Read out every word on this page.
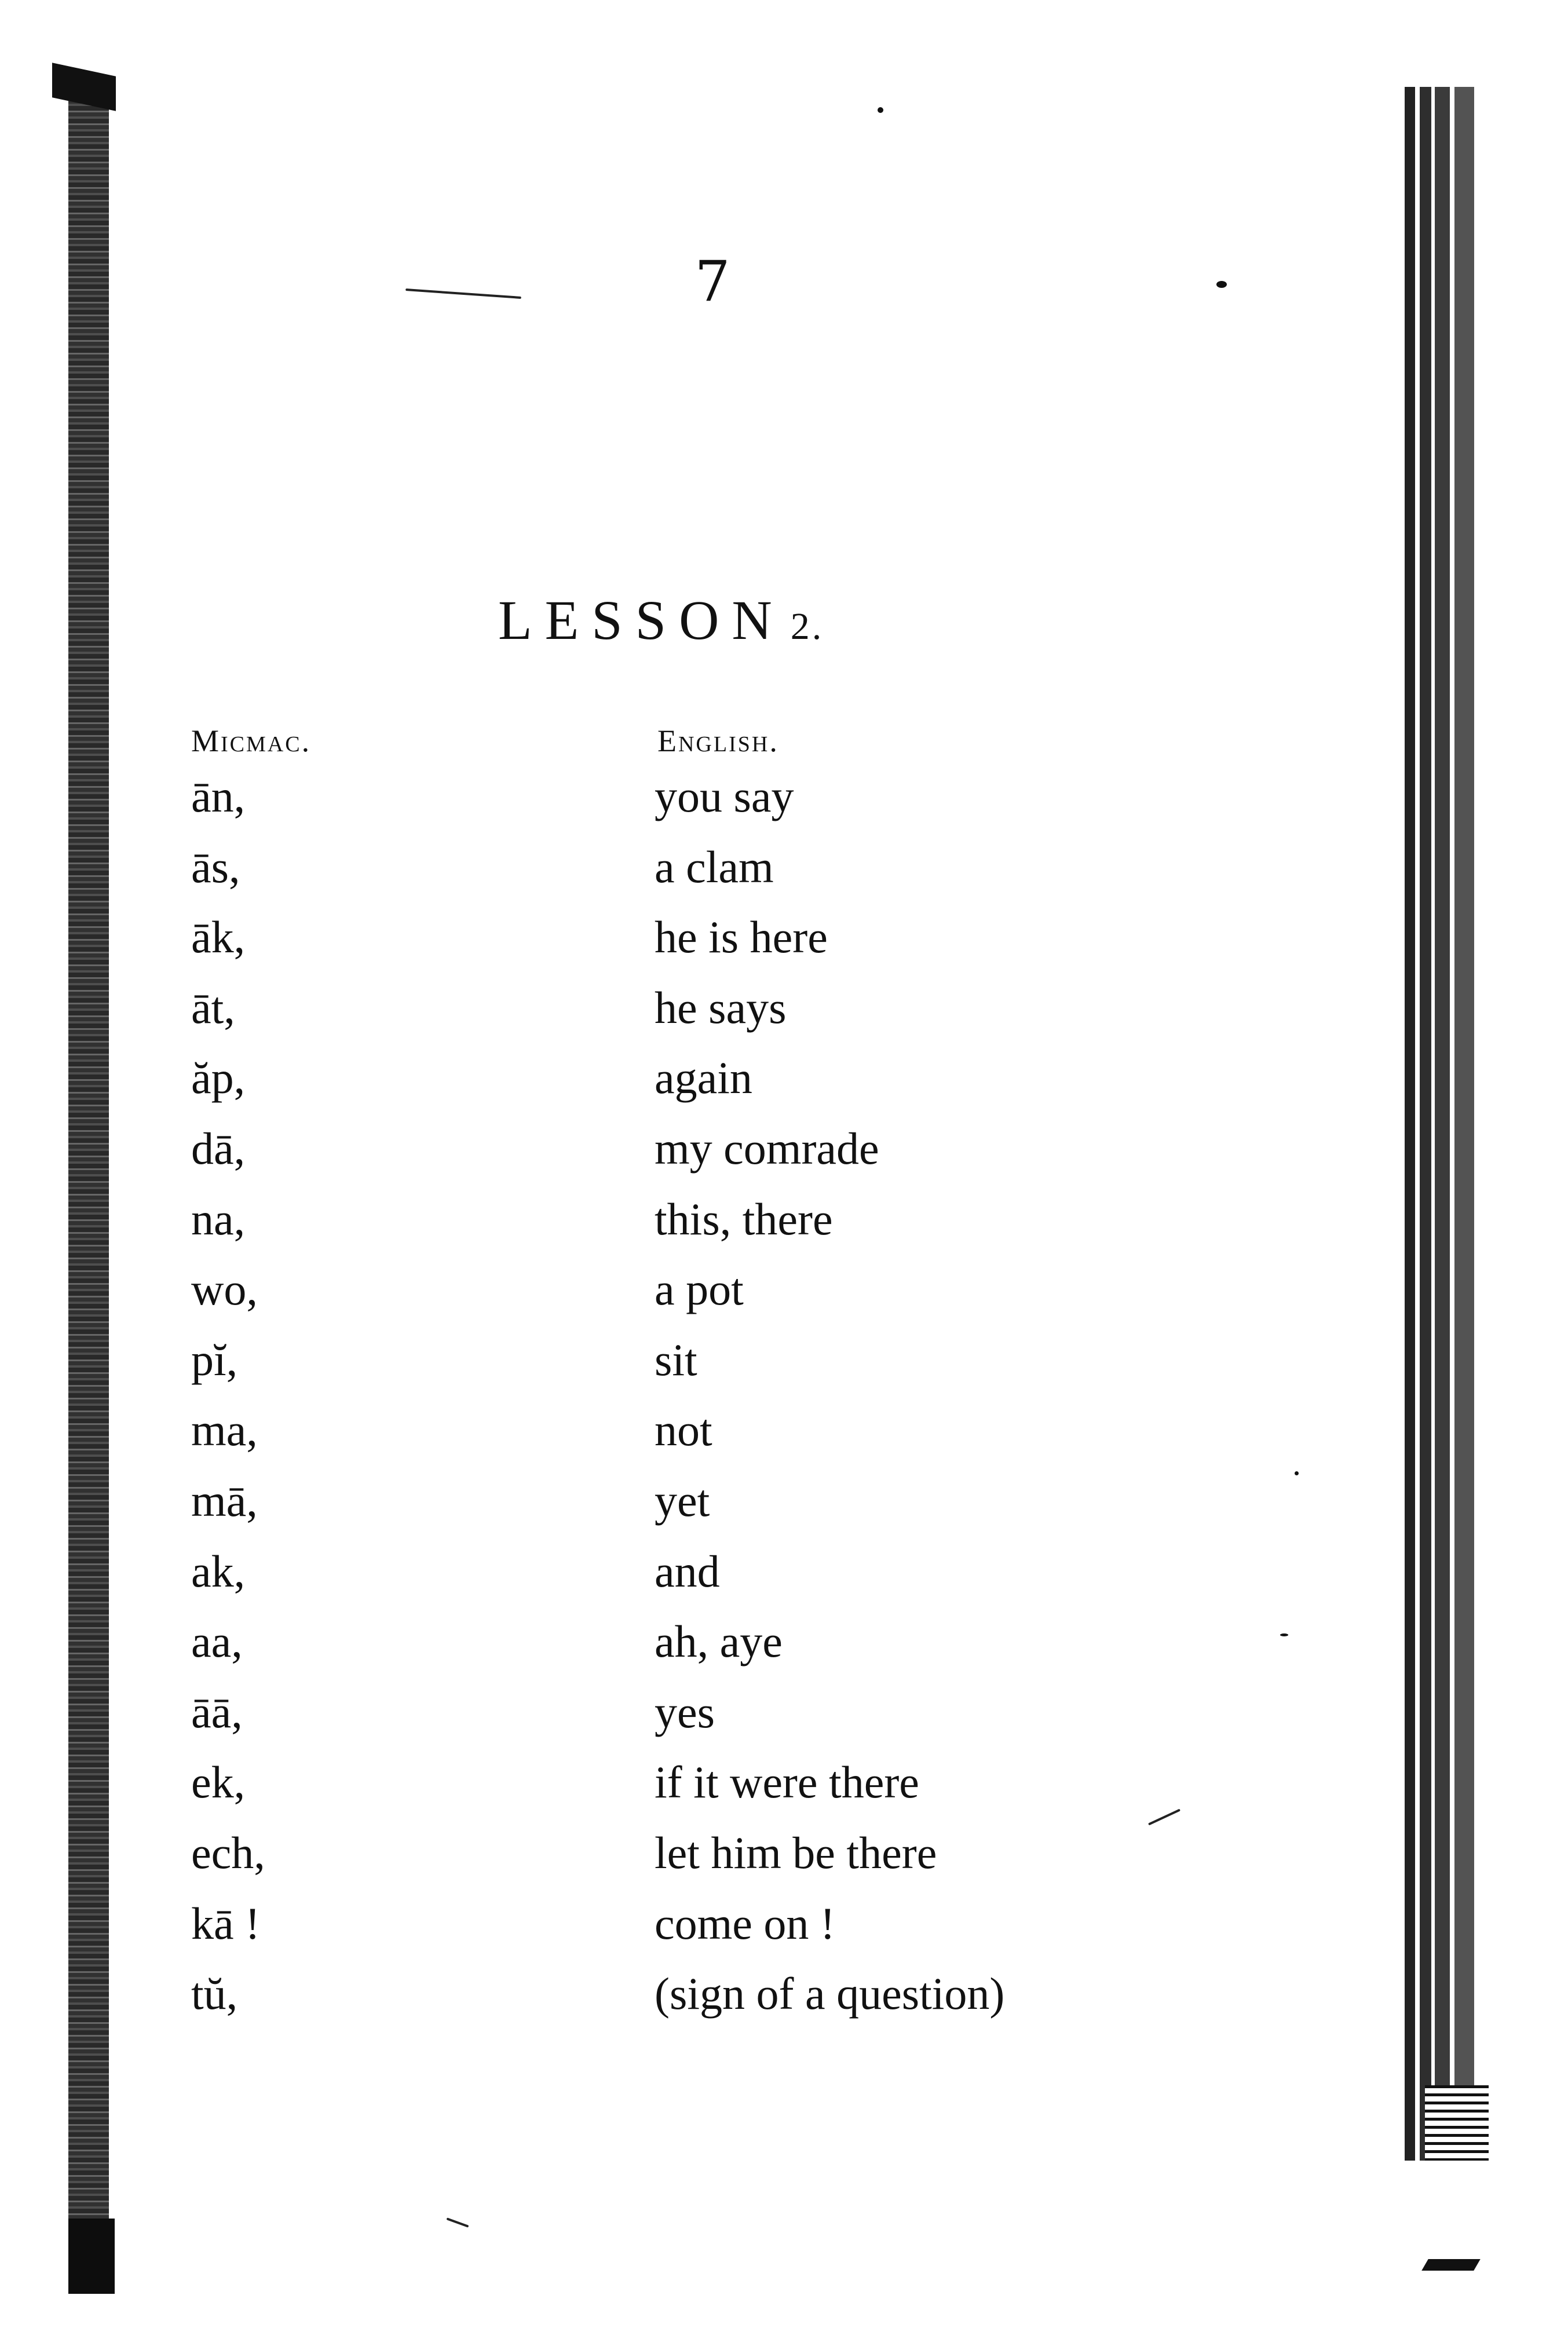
7
LESSON 2.
Micmac.	English.
ān,	you say
ās,	a clam
āk,	he is here
āt,	he says
ăp,	again
dā,	my comrade
na,	this, there
wo,	a pot
pĭ,	sit
ma,	not
mā,	yet
ak,	and
aa,	ah, aye
āā,	yes
ek,	if it were there
ech,	let him be there
kā !	come on !
tŭ,	(sign of a question)
